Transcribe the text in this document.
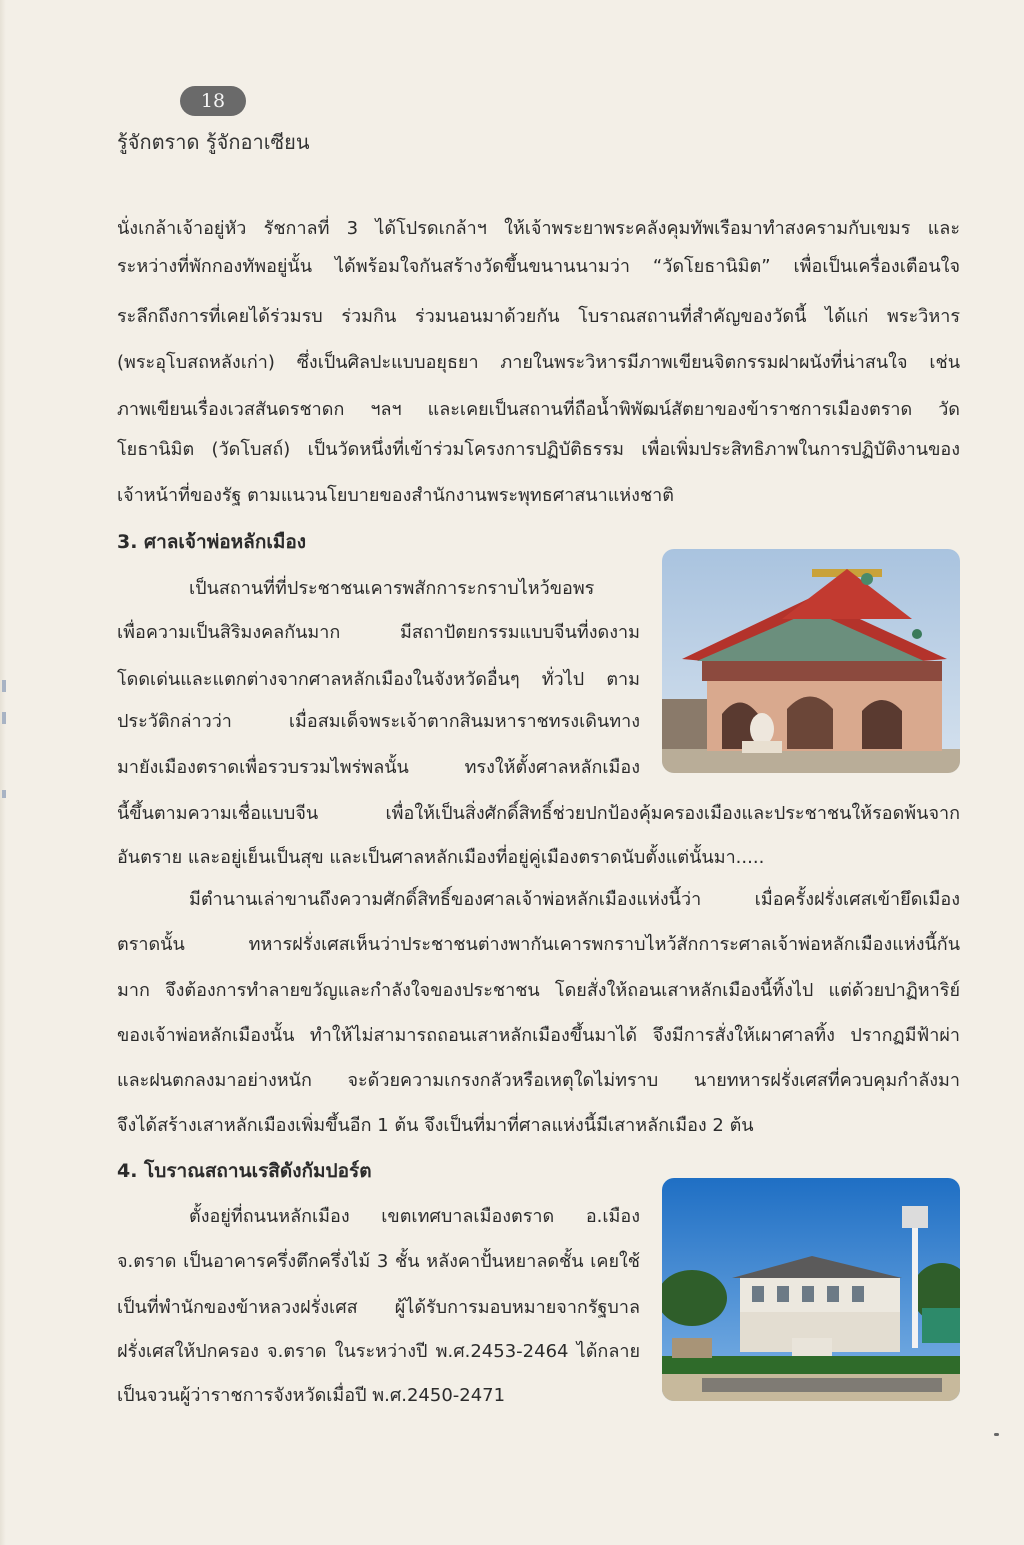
18
รู้จักตราด รู้จักอาเซียน
นั่งเกล้าเจ้าอยู่หัว รัชกาลที่ 3 ได้โปรดเกล้าฯ ให้เจ้าพระยาพระคลังคุมทัพเรือมาทำสงครามกับเขมร และ
ระหว่างที่พักกองทัพอยู่นั้น ได้พร้อมใจกันสร้างวัดขึ้นขนานนามว่า “วัดโยธานิมิต” เพื่อเป็นเครื่องเตือนใจ
ระลึกถึงการที่เคยได้ร่วมรบ ร่วมกิน ร่วมนอนมาด้วยกัน โบราณสถานที่สำคัญของวัดนี้ ได้แก่ พระวิหาร
(พระอุโบสถหลังเก่า) ซึ่งเป็นศิลปะแบบอยุธยา ภายในพระวิหารมีภาพเขียนจิตกรรมฝาผนังที่น่าสนใจ เช่น
ภาพเขียนเรื่องเวสสันดรชาดก ฯลฯ และเคยเป็นสถานที่ถือน้ำพิพัฒน์สัตยาของข้าราชการเมืองตราด วัด
โยธานิมิต (วัดโบสถ์) เป็นวัดหนึ่งที่เข้าร่วมโครงการปฏิบัติธรรม เพื่อเพิ่มประสิทธิภาพในการปฏิบัติงานของ
เจ้าหน้าที่ของรัฐ ตามแนวนโยบายของสำนักงานพระพุทธศาสนาแห่งชาติ
3. ศาลเจ้าพ่อหลักเมือง
เป็นสถานที่ที่ประชาชนเคารพสักการะกราบไหว้ขอพร
เพื่อความเป็นสิริมงคลกันมาก มีสถาปัตยกรรมแบบจีนที่งดงาม
โดดเด่นและแตกต่างจากศาลหลักเมืองในจังหวัดอื่นๆ ทั่วไป ตาม
ประวัติกล่าวว่า เมื่อสมเด็จพระเจ้าตากสินมหาราชทรงเดินทาง
มายังเมืองตราดเพื่อรวบรวมไพร่พลนั้น ทรงให้ตั้งศาลหลักเมือง
นี้ขึ้นตามความเชื่อแบบจีน เพื่อให้เป็นสิ่งศักดิ์สิทธิ์ช่วยปกป้องคุ้มครองเมืองและประชาชนให้รอดพ้นจาก
อันตราย และอยู่เย็นเป็นสุข และเป็นศาลหลักเมืองที่อยู่คู่เมืองตราดนับตั้งแต่นั้นมา.....
มีตำนานเล่าขานถึงความศักดิ์สิทธิ์ของศาลเจ้าพ่อหลักเมืองแห่งนี้ว่า เมื่อครั้งฝรั่งเศสเข้ายึดเมือง
ตราดนั้น ทหารฝรั่งเศสเห็นว่าประชาชนต่างพากันเคารพกราบไหว้สักการะศาลเจ้าพ่อหลักเมืองแห่งนี้กัน
มาก จึงต้องการทำลายขวัญและกำลังใจของประชาชน โดยสั่งให้ถอนเสาหลักเมืองนี้ทิ้งไป แต่ด้วยปาฏิหาริย์
ของเจ้าพ่อหลักเมืองนั้น ทำให้ไม่สามารถถอนเสาหลักเมืองขึ้นมาได้ จึงมีการสั่งให้เผาศาลทิ้ง ปรากฏมีฟ้าผ่า
และฝนตกลงมาอย่างหนัก จะด้วยความเกรงกลัวหรือเหตุใดไม่ทราบ นายทหารฝรั่งเศสที่ควบคุมกำลังมา
จึงได้สร้างเสาหลักเมืองเพิ่มขึ้นอีก 1 ต้น จึงเป็นที่มาที่ศาลแห่งนี้มีเสาหลักเมือง 2 ต้น
4. โบราณสถานเรสิดังกัมปอร์ต
ตั้งอยู่ที่ถนนหลักเมือง เขตเทศบาลเมืองตราด อ.เมือง
จ.ตราด เป็นอาคารครึ่งตึกครึ่งไม้ 3 ชั้น หลังคาปั้นหยาลดชั้น เคยใช้
เป็นที่พำนักของข้าหลวงฝรั่งเศส ผู้ได้รับการมอบหมายจากรัฐบาล
ฝรั่งเศสให้ปกครอง จ.ตราด ในระหว่างปี พ.ศ.2453-2464 ได้กลาย
เป็นจวนผู้ว่าราชการจังหวัดเมื่อปี พ.ศ.2450-2471
